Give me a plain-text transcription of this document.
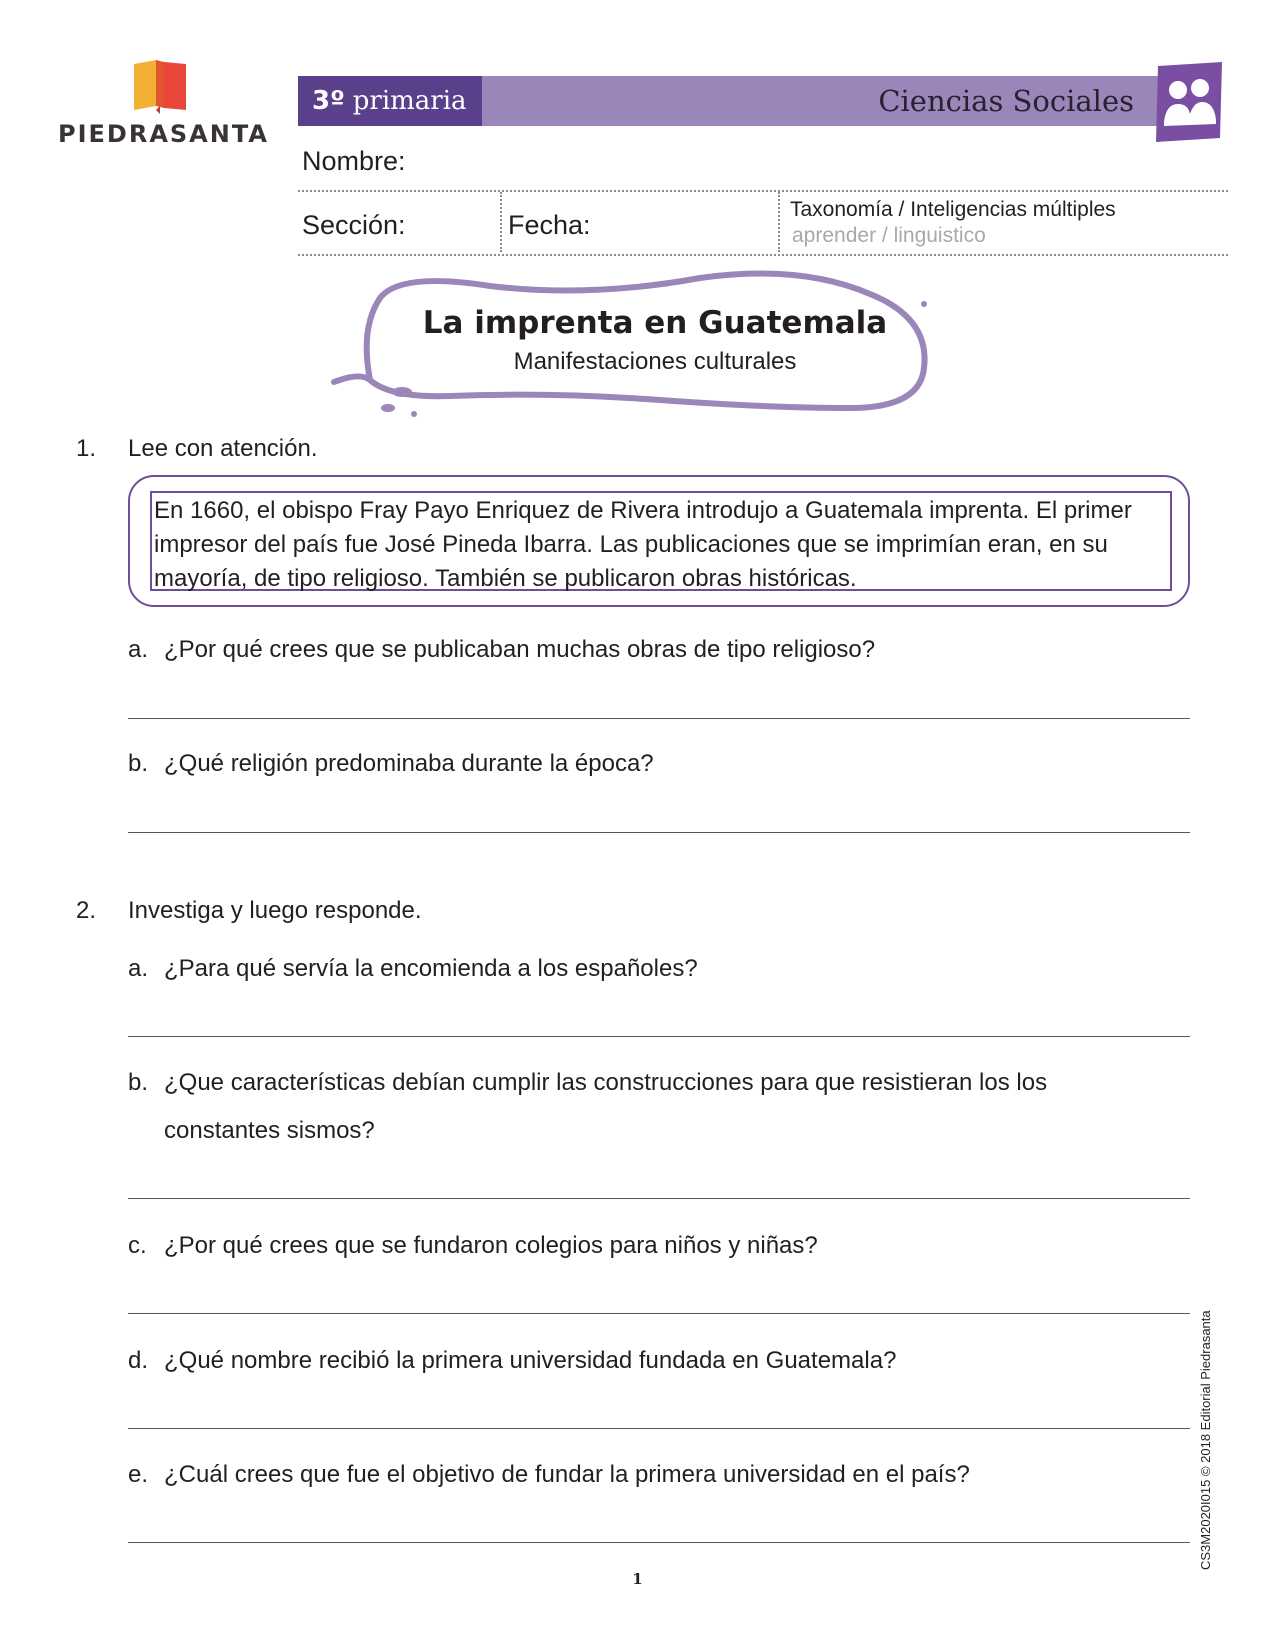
PIEDRASANTA
3º primaria	Ciencias Sociales
Nombre:
Sección:	Fecha:
Taxonomía / Inteligencias múltiples
aprender / linguistico
La imprenta en Guatemala
Manifestaciones culturales
1. Lee con atención.
En 1660, el obispo Fray Payo Enriquez de Rivera introdujo a Guatemala imprenta. El primer impresor del país fue José Pineda Ibarra. Las publicaciones que se imprimían eran, en su mayoría, de tipo religioso. También se publicaron obras históricas.
a. ¿Por qué crees que se publicaban muchas obras de tipo religioso?
b. ¿Qué religión predominaba durante la época?
2. Investiga y luego responde.
a. ¿Para qué servía la encomienda a los españoles?
b. ¿Que características debían cumplir las construcciones para que resistieran los los
constantes sismos?
c. ¿Por qué crees que se fundaron colegios para niños y niñas?
d. ¿Qué nombre recibió la primera universidad fundada en Guatemala?
e. ¿Cuál crees que fue el objetivo de fundar la primera universidad en el país?	CS3M2020I015 © 2018 Editorial Piedrasanta
1
